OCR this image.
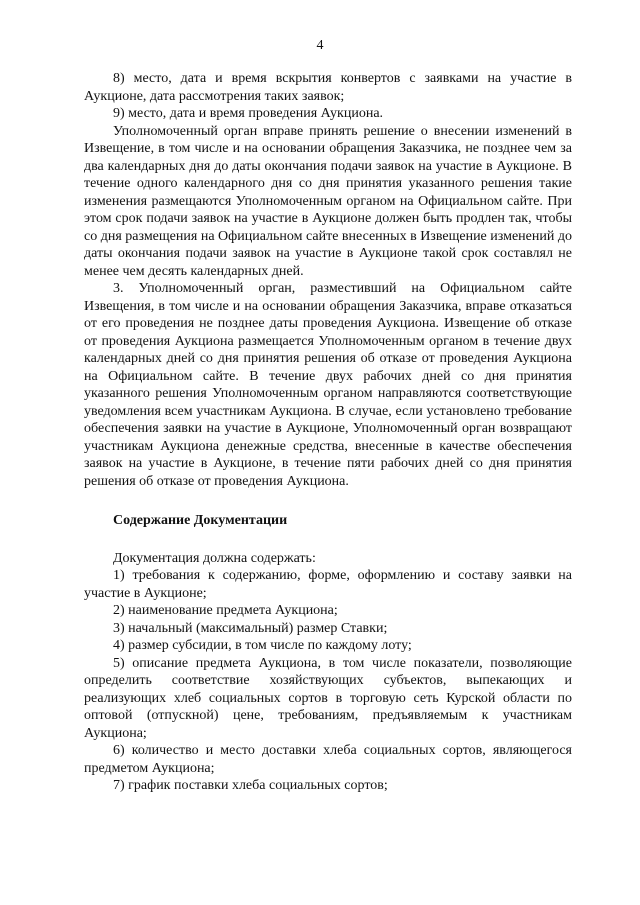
4

8) место, дата и время вскрытия конвертов с заявками на участие в Аукционе, дата рассмотрения таких заявок;

9) место, дата и время проведения Аукциона.

Уполномоченный орган вправе принять решение о внесении изменений в Извещение, в том числе и на основании обращения Заказчика, не позднее чем за два календарных дня до даты окончания подачи заявок на участие в Аукционе. В течение одного календарного дня со дня принятия указанного решения такие изменения размещаются Уполномоченным органом на Официальном сайте. При этом срок подачи заявок на участие в Аукционе должен быть продлен так, чтобы со дня размещения на Официальном сайте внесенных в Извещение изменений до даты окончания подачи заявок на участие в Аукционе такой срок составлял не менее чем десять календарных дней.

3. Уполномоченный орган, разместивший на Официальном сайте Извещения, в том числе и на основании обращения Заказчика, вправе отказаться от его проведения не позднее даты проведения Аукциона. Извещение об отказе от проведения Аукциона размещается Уполномоченным органом в течение двух календарных дней со дня принятия решения об отказе от проведения Аукциона на Официальном сайте. В течение двух рабочих дней со дня принятия указанного решения Уполномоченным органом направляются соответствующие уведомления всем участникам Аукциона. В случае, если установлено требование обеспечения заявки на участие в Аукционе, Уполномоченный орган возвращают участникам Аукциона денежные средства, внесенные в качестве обеспечения заявок на участие в Аукционе, в течение пяти рабочих дней со дня принятия решения об отказе от проведения Аукциона.

Содержание Документации

Документация должна содержать:

1) требования к содержанию, форме, оформлению и составу заявки на участие в Аукционе;

2) наименование предмета Аукциона;

3) начальный (максимальный) размер Ставки;

4) размер субсидии, в том числе по каждому лоту;

5) описание предмета Аукциона, в том числе показатели, позволяющие определить соответствие хозяйствующих субъектов, выпекающих и реализующих хлеб социальных сортов в торговую сеть Курской области по оптовой (отпускной) цене, требованиям, предъявляемым к участникам Аукциона;

6) количество и место доставки хлеба социальных сортов, являющегося предметом Аукциона;

7) график поставки хлеба социальных сортов;
